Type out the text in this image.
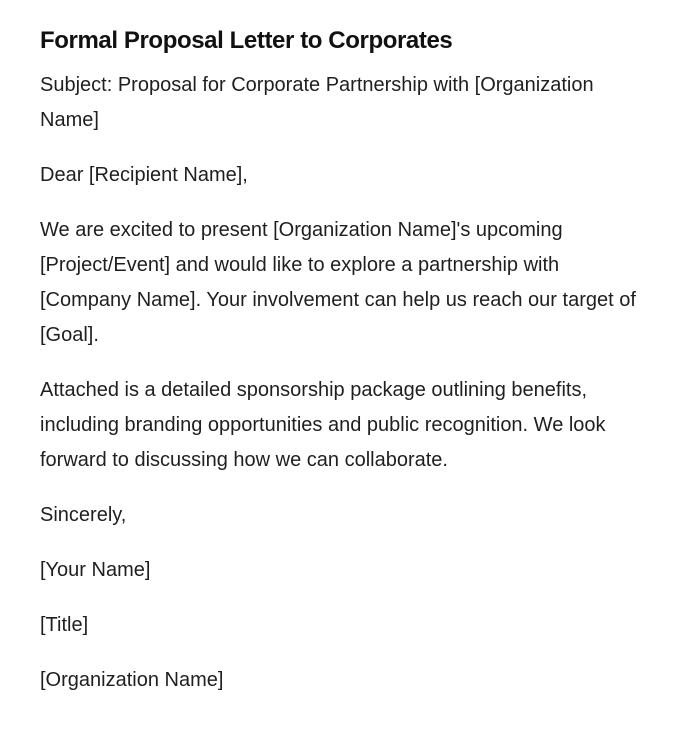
Formal Proposal Letter to Corporates

Subject: Proposal for Corporate Partnership with [Organization Name]

Dear [Recipient Name],

We are excited to present [Organization Name]'s upcoming [Project/Event] and would like to explore a partnership with [Company Name]. Your involvement can help us reach our target of [Goal].

Attached is a detailed sponsorship package outlining benefits, including branding opportunities and public recognition. We look forward to discussing how we can collaborate.

Sincerely,

[Your Name]

[Title]

[Organization Name]
